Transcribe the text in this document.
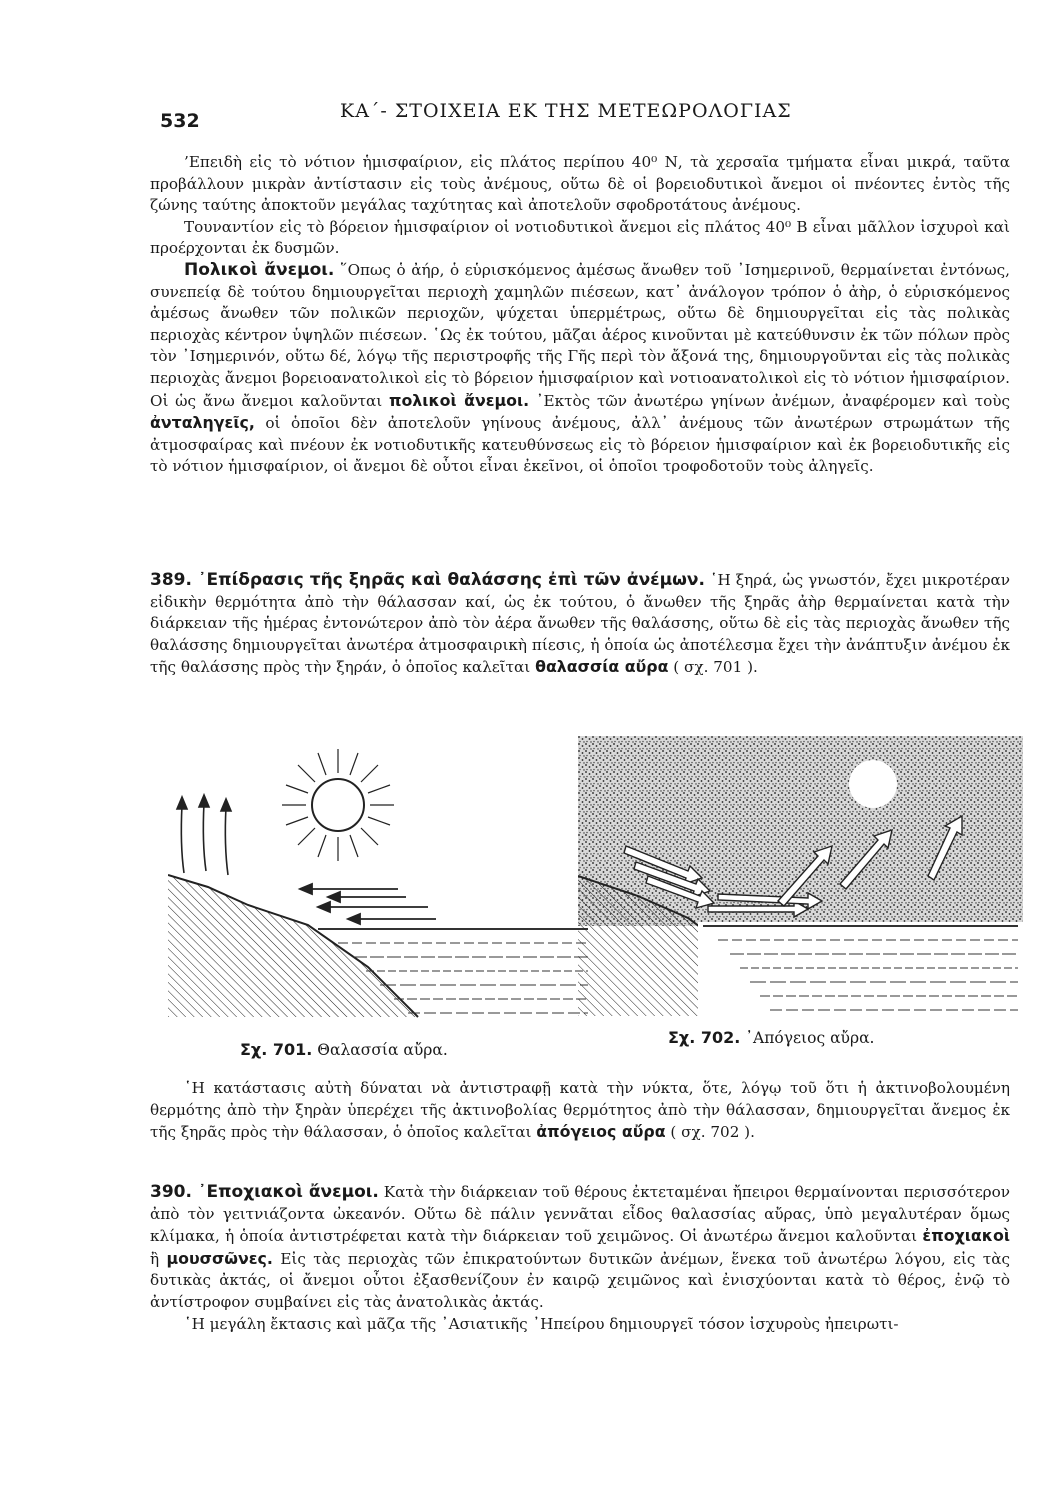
532	ΚΑ΄- ΣΤΟΙΧΕΙΑ ΕΚ ΤΗΣ ΜΕΤΕΩΡΟΛΟΓΙΑΣ

’Επειδὴ εἰς τὸ νότιον ἡμισφαίριον, εἰς πλάτος περίπου 40⁰ Ν, τὰ χερσαῖα τμήματα εἶναι μικρά, ταῦτα προβάλλουν μικρὰν ἀντίστασιν εἰς τοὺς ἀνέμους, οὕτω δὲ οἱ βορειοδυτικοὶ ἄνεμοι οἱ πνέοντες ἐντὸς τῆς ζώνης ταύτης ἀποκτοῦν μεγάλας ταχύτητας καὶ ἀποτελοῦν σφοδροτάτους ἀνέμους.

Τουναντίον εἰς τὸ βόρειον ἡμισφαίριον οἱ νοτιοδυτικοὶ ἄνεμοι εἰς πλάτος 40⁰ Β εἶναι μᾶλλον ἰσχυροὶ καὶ προέρχονται ἐκ δυσμῶν.

Πολικοὶ ἄνεμοι. ῞Οπως ὁ ἀήρ, ὁ εὑρισκόμενος ἀμέσως ἄνωθεν τοῦ ᾿Ισημερινοῦ, θερμαίνεται ἐντόνως, συνεπείᾳ δὲ τούτου δημιουργεῖται περιοχὴ χαμηλῶν πιέσεων, κατ᾿ ἀνάλογον τρόπον ὁ ἀὴρ, ὁ εὑρισκόμενος ἀμέσως ἄνωθεν τῶν πολικῶν περιοχῶν, ψύχεται ὑπερμέτρως, οὕτω δὲ δημιουργεῖται εἰς τὰς πολικὰς περιοχὰς κέντρον ὑψηλῶν πιέσεων. ῾Ως ἐκ τούτου, μᾶζαι ἀέρος κινοῦνται μὲ κατεύθυνσιν ἐκ τῶν πόλων πρὸς τὸν ᾿Ισημερινόν, οὕτω δέ, λόγῳ τῆς περιστροφῆς τῆς Γῆς περὶ τὸν ἄξονά της, δημιουργοῦνται εἰς τὰς πολικὰς περιοχὰς ἄνεμοι βορειοανατολικοὶ εἰς τὸ βόρειον ἡμισφαίριον καὶ νοτιοανατολικοὶ εἰς τὸ νότιον ἡμισφαίριον. Οἱ ὡς ἄνω ἄνεμοι καλοῦνται πολικοὶ ἄνεμοι. ᾿Εκτὸς τῶν ἀνωτέρω γηίνων ἀνέμων, ἀναφέρομεν καὶ τοὺς ἀνταληγεῖς, οἱ ὁποῖοι δὲν ἀποτελοῦν γηίνους ἀνέμους, ἀλλ᾿ ἀνέμους τῶν ἀνωτέρων στρωμάτων τῆς ἀτμοσφαίρας καὶ πνέουν ἐκ νοτιοδυτικῆς κατευθύνσεως εἰς τὸ βόρειον ἡμισφαίριον καὶ ἐκ βορειοδυτικῆς εἰς τὸ νότιον ἡμισφαίριον, οἱ ἄνεμοι δὲ οὗτοι εἶναι ἐκεῖνοι, οἱ ὁποῖοι τροφοδοτοῦν τοὺς ἀληγεῖς.

389. ᾿Επίδρασις τῆς ξηρᾶς καὶ θαλάσσης ἐπὶ τῶν ἀνέμων. ῾Η ξηρά, ὡς γνωστόν, ἔχει μικροτέραν εἰδικὴν θερμότητα ἀπὸ τὴν θάλασσαν καί, ὡς ἐκ τούτου, ὁ ἄνωθεν τῆς ξηρᾶς ἀὴρ θερμαίνεται κατὰ τὴν διάρκειαν τῆς ἡμέρας ἐντονώτερον ἀπὸ τὸν ἀέρα ἄνωθεν τῆς θαλάσσης, οὕτω δὲ εἰς τὰς περιοχὰς ἄνωθεν τῆς θαλάσσης δημιουργεῖται ἀνωτέρα ἀτμοσφαιρικὴ πίεσις, ἡ ὁποία ὡς ἀποτέλεσμα ἔχει τὴν ἀνάπτυξιν ἀνέμου ἐκ τῆς θαλάσσης πρὸς τὴν ξηράν, ὁ ὁποῖος καλεῖται θαλασσία αὔρα ( σχ. 701 ).

Σχ. 701. Θαλασσία αὔρα.
Σχ. 702. ᾿Απόγειος αὔρα.

῾Η κατάστασις αὐτὴ δύναται νὰ ἀντιστραφῇ κατὰ τὴν νύκτα, ὅτε, λόγῳ τοῦ ὅτι ἡ ἀκτινοβολουμένη θερμότης ἀπὸ τὴν ξηρὰν ὑπερέχει τῆς ἀκτινοβολίας θερμότητος ἀπὸ τὴν θάλασσαν, δημιουργεῖται ἄνεμος ἐκ τῆς ξηρᾶς πρὸς τὴν θάλασσαν, ὁ ὁποῖος καλεῖται ἀπόγειος αὔρα ( σχ. 702 ).

390. ᾿Εποχιακοὶ ἄνεμοι. Κατὰ τὴν διάρκειαν τοῦ θέρους ἐκτεταμέναι ἤπειροι θερμαίνονται περισσότερον ἀπὸ τὸν γειτνιάζοντα ὠκεανόν. Οὕτω δὲ πάλιν γεννᾶται εἶδος θαλασσίας αὔρας, ὑπὸ μεγαλυτέραν ὅμως κλίμακα, ἡ ὁποία ἀντιστρέφεται κατὰ τὴν διάρκειαν τοῦ χειμῶνος. Οἱ ἀνωτέρω ἄνεμοι καλοῦνται ἐποχιακοὶ ἢ μουσσῶνες. Εἰς τὰς περιοχὰς τῶν ἐπικρατούντων δυτικῶν ἀνέμων, ἕνεκα τοῦ ἀνωτέρω λόγου, εἰς τὰς δυτικὰς ἀκτάς, οἱ ἄνεμοι οὗτοι ἐξασθενίζουν ἐν καιρῷ χειμῶνος καὶ ἐνισχύονται κατὰ τὸ θέρος, ἐνῷ τὸ ἀντίστροφον συμβαίνει εἰς τὰς ἀνατολικὰς ἀκτάς.

῾Η μεγάλη ἔκτασις καὶ μᾶζα τῆς ᾿Ασιατικῆς ᾿Ηπείρου δημιουργεῖ τόσον ἰσχυροὺς ἠπειρωτι-
